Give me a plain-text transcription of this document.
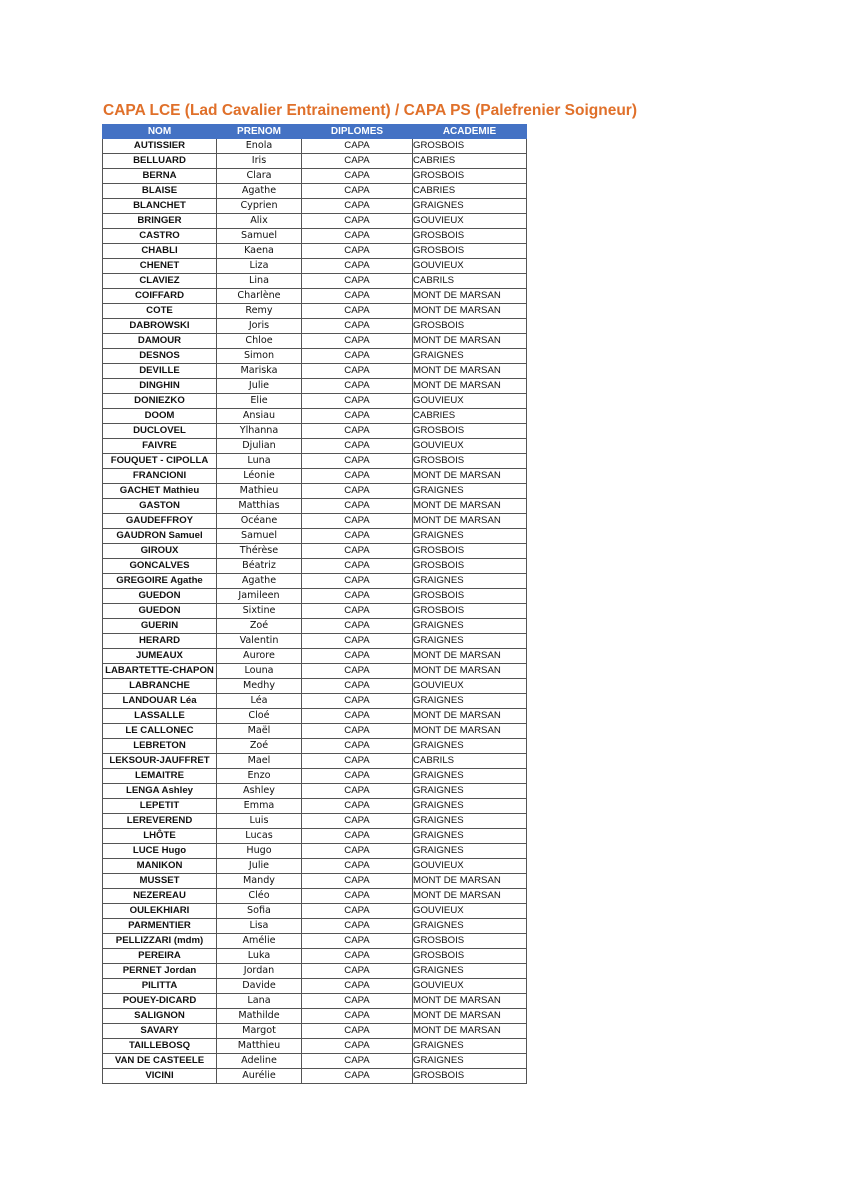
CAPA LCE (Lad Cavalier Entrainement) / CAPA PS (Palefrenier Soigneur)
NOM	PRENOM	DIPLOMES	ACADEMIE
AUTISSIER	Enola	CAPA	GROSBOIS
BELLUARD	Iris	CAPA	CABRIES
BERNA	Clara	CAPA	GROSBOIS
BLAISE	Agathe	CAPA	CABRIES
BLANCHET	Cyprien	CAPA	GRAIGNES
BRINGER	Alix	CAPA	GOUVIEUX
CASTRO	Samuel	CAPA	GROSBOIS
CHABLI	Kaena	CAPA	GROSBOIS
CHENET	Liza	CAPA	GOUVIEUX
CLAVIEZ	Lina	CAPA	CABRILS
COIFFARD	Charlène	CAPA	MONT DE MARSAN
COTE	Remy	CAPA	MONT DE MARSAN
DABROWSKI	Joris	CAPA	GROSBOIS
DAMOUR	Chloe	CAPA	MONT DE MARSAN
DESNOS	Simon	CAPA	GRAIGNES
DEVILLE	Mariska	CAPA	MONT DE MARSAN
DINGHIN	Julie	CAPA	MONT DE MARSAN
DONIEZKO	Elie	CAPA	GOUVIEUX
DOOM	Ansiau	CAPA	CABRIES
DUCLOVEL	Ylhanna	CAPA	GROSBOIS
FAIVRE	Djulian	CAPA	GOUVIEUX
FOUQUET - CIPOLLA	Luna	CAPA	GROSBOIS
FRANCIONI	Léonie	CAPA	MONT DE MARSAN
GACHET Mathieu	Mathieu	CAPA	GRAIGNES
GASTON	Matthias	CAPA	MONT DE MARSAN
GAUDEFFROY	Océane	CAPA	MONT DE MARSAN
GAUDRON Samuel	Samuel	CAPA	GRAIGNES
GIROUX	Thérèse	CAPA	GROSBOIS
GONCALVES	Béatriz	CAPA	GROSBOIS
GREGOIRE Agathe	Agathe	CAPA	GRAIGNES
GUEDON	Jamileen	CAPA	GROSBOIS
GUEDON	Sixtine	CAPA	GROSBOIS
GUERIN	Zoé	CAPA	GRAIGNES
HERARD	Valentin	CAPA	GRAIGNES
JUMEAUX	Aurore	CAPA	MONT DE MARSAN
LABARTETTE-CHAPON	Louna	CAPA	MONT DE MARSAN
LABRANCHE	Medhy	CAPA	GOUVIEUX
LANDOUAR Léa	Léa	CAPA	GRAIGNES
LASSALLE	Cloé	CAPA	MONT DE MARSAN
LE CALLONEC	Maël	CAPA	MONT DE MARSAN
LEBRETON	Zoé	CAPA	GRAIGNES
LEKSOUR-JAUFFRET	Mael	CAPA	CABRILS
LEMAITRE	Enzo	CAPA	GRAIGNES
LENGA Ashley	Ashley	CAPA	GRAIGNES
LEPETIT	Emma	CAPA	GRAIGNES
LEREVEREND	Luis	CAPA	GRAIGNES
LHÔTE	Lucas	CAPA	GRAIGNES
LUCE Hugo	Hugo	CAPA	GRAIGNES
MANIKON	Julie	CAPA	GOUVIEUX
MUSSET	Mandy	CAPA	MONT DE MARSAN
NEZEREAU	Cléo	CAPA	MONT DE MARSAN
OULEKHIARI	Sofia	CAPA	GOUVIEUX
PARMENTIER	Lisa	CAPA	GRAIGNES
PELLIZZARI (mdm)	Amélie	CAPA	GROSBOIS
PEREIRA	Luka	CAPA	GROSBOIS
PERNET Jordan	Jordan	CAPA	GRAIGNES
PILITTA	Davide	CAPA	GOUVIEUX
POUEY-DICARD	Lana	CAPA	MONT DE MARSAN
SALIGNON	Mathilde	CAPA	MONT DE MARSAN
SAVARY	Margot	CAPA	MONT DE MARSAN
TAILLEBOSQ	Matthieu	CAPA	GRAIGNES
VAN DE CASTEELE	Adeline	CAPA	GRAIGNES
VICINI	Aurélie	CAPA	GROSBOIS
